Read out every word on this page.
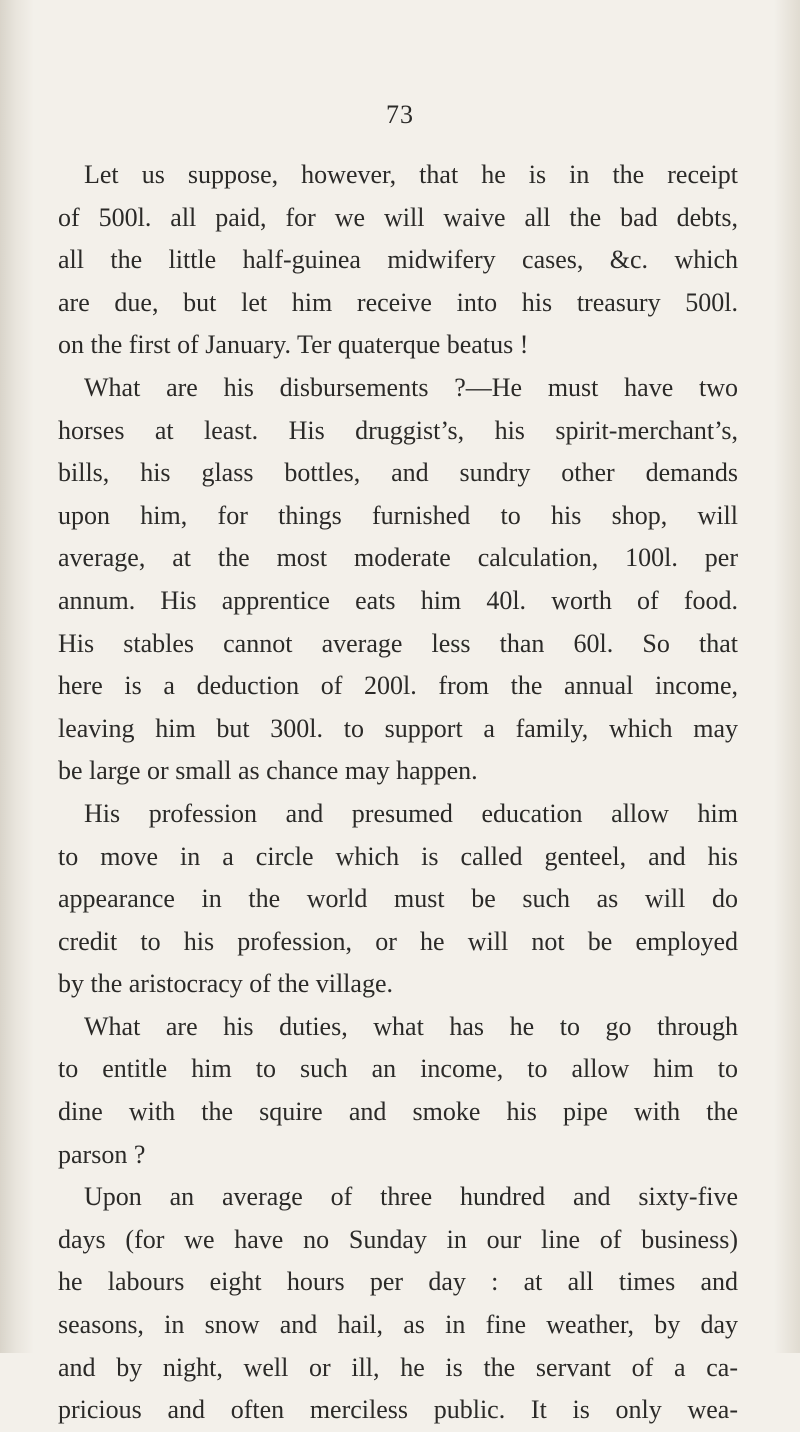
73
Let us suppose, however, that he is in the receipt
of 500l. all paid, for we will waive all the bad debts,
all the little half-guinea midwifery cases, &c. which
are due, but let him receive into his treasury 500l.
on the first of January. Ter quaterque beatus !
What are his disbursements ?—He must have two
horses at least. His druggist’s, his spirit-merchant’s,
bills, his glass bottles, and sundry other demands
upon him, for things furnished to his shop, will
average, at the most moderate calculation, 100l. per
annum. His apprentice eats him 40l. worth of food.
His stables cannot average less than 60l. So that
here is a deduction of 200l. from the annual income,
leaving him but 300l. to support a family, which may
be large or small as chance may happen.
His profession and presumed education allow him
to move in a circle which is called genteel, and his
appearance in the world must be such as will do
credit to his profession, or he will not be employed
by the aristocracy of the village.
What are his duties, what has he to go through
to entitle him to such an income, to allow him to
dine with the squire and smoke his pipe with the
parson ?
Upon an average of three hundred and sixty-five
days (for we have no Sunday in our line of business)
he labours eight hours per day : at all times and
seasons, in snow and hail, as in fine weather, by day
and by night, well or ill, he is the servant of a ca-
pricious and often merciless public. It is only wea-
